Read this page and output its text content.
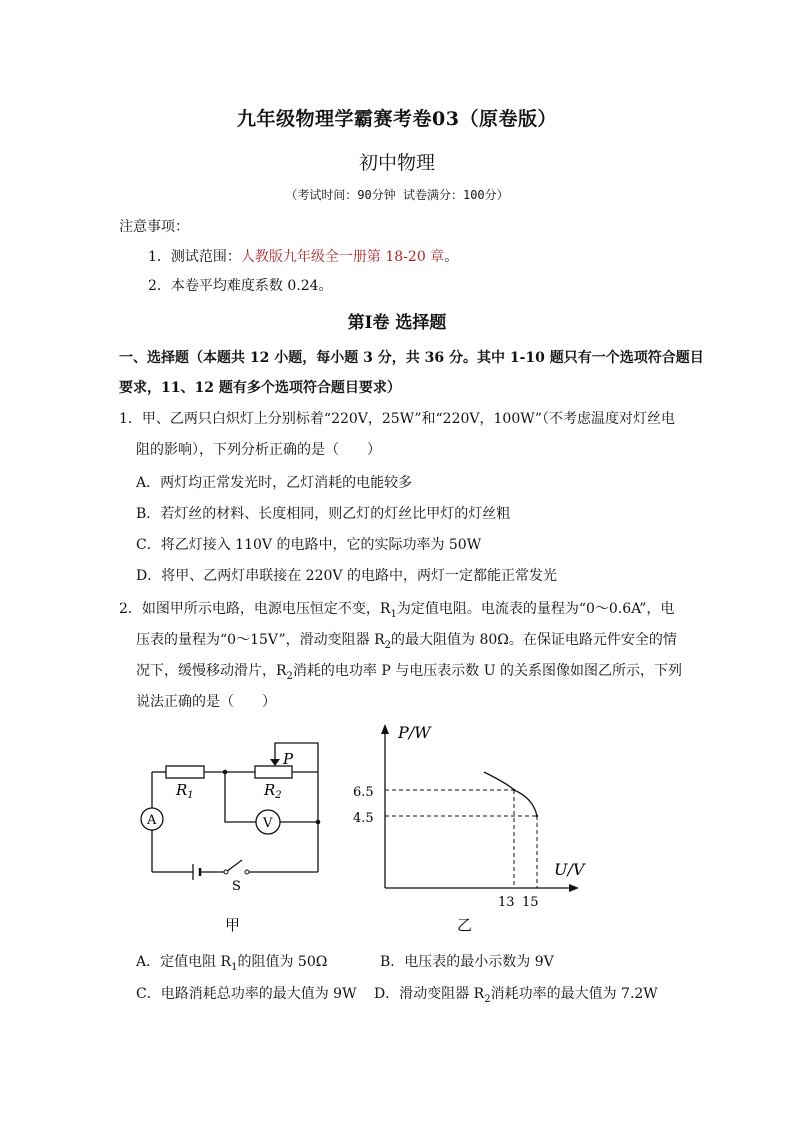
九年级物理学霸赛考卷03（原卷版）
初中物理
（考试时间：90分钟 试卷满分：100分）
注意事项：
1．测试范围：人教版九年级全一册第 18-20 章。
2．本卷平均难度系数 0.24。
第Ⅰ卷 选择题
一、选择题（本题共 12 小题，每小题 3 分，共 36 分。其中 1-10 题只有一个选项符合题目
要求，11、12 题有多个选项符合题目要求）
1．甲、乙两只白炽灯上分别标着“220V，25W”和“220V，100W”（不考虑温度对灯丝电
阻的影响），下列分析正确的是（　　）
A．两灯均正常发光时，乙灯消耗的电能较多
B．若灯丝的材料、长度相同，则乙灯的灯丝比甲灯的灯丝粗
C．将乙灯接入 110V 的电路中，它的实际功率为 50W
D．将甲、乙两灯串联接在 220V 的电路中，两灯一定都能正常发光
2．如图甲所示电路，电源电压恒定不变，$R_1$为定值电阻。电流表的量程为“0～0.6A”，电
压表的量程为“0～15V”，滑动变阻器 $R_2$的最大阻值为 80Ω。在保证电路元件安全的情
况下，缓慢移动滑片，$R_2$消耗的电功率 P 与电压表示数 U 的关系图像如图乙所示，下列
说法正确的是（　　）
$R_1$	$R_2$
P
A	V
S
甲
P/W
U/V
6.5
4.5
13 15
乙
A．定值电阻 $R_1$的阻值为 50Ω	B．电压表的最小示数为 9V
C．电路消耗总功率的最大值为 9W D．滑动变阻器 $R_2$消耗功率的最大值为 7.2W
